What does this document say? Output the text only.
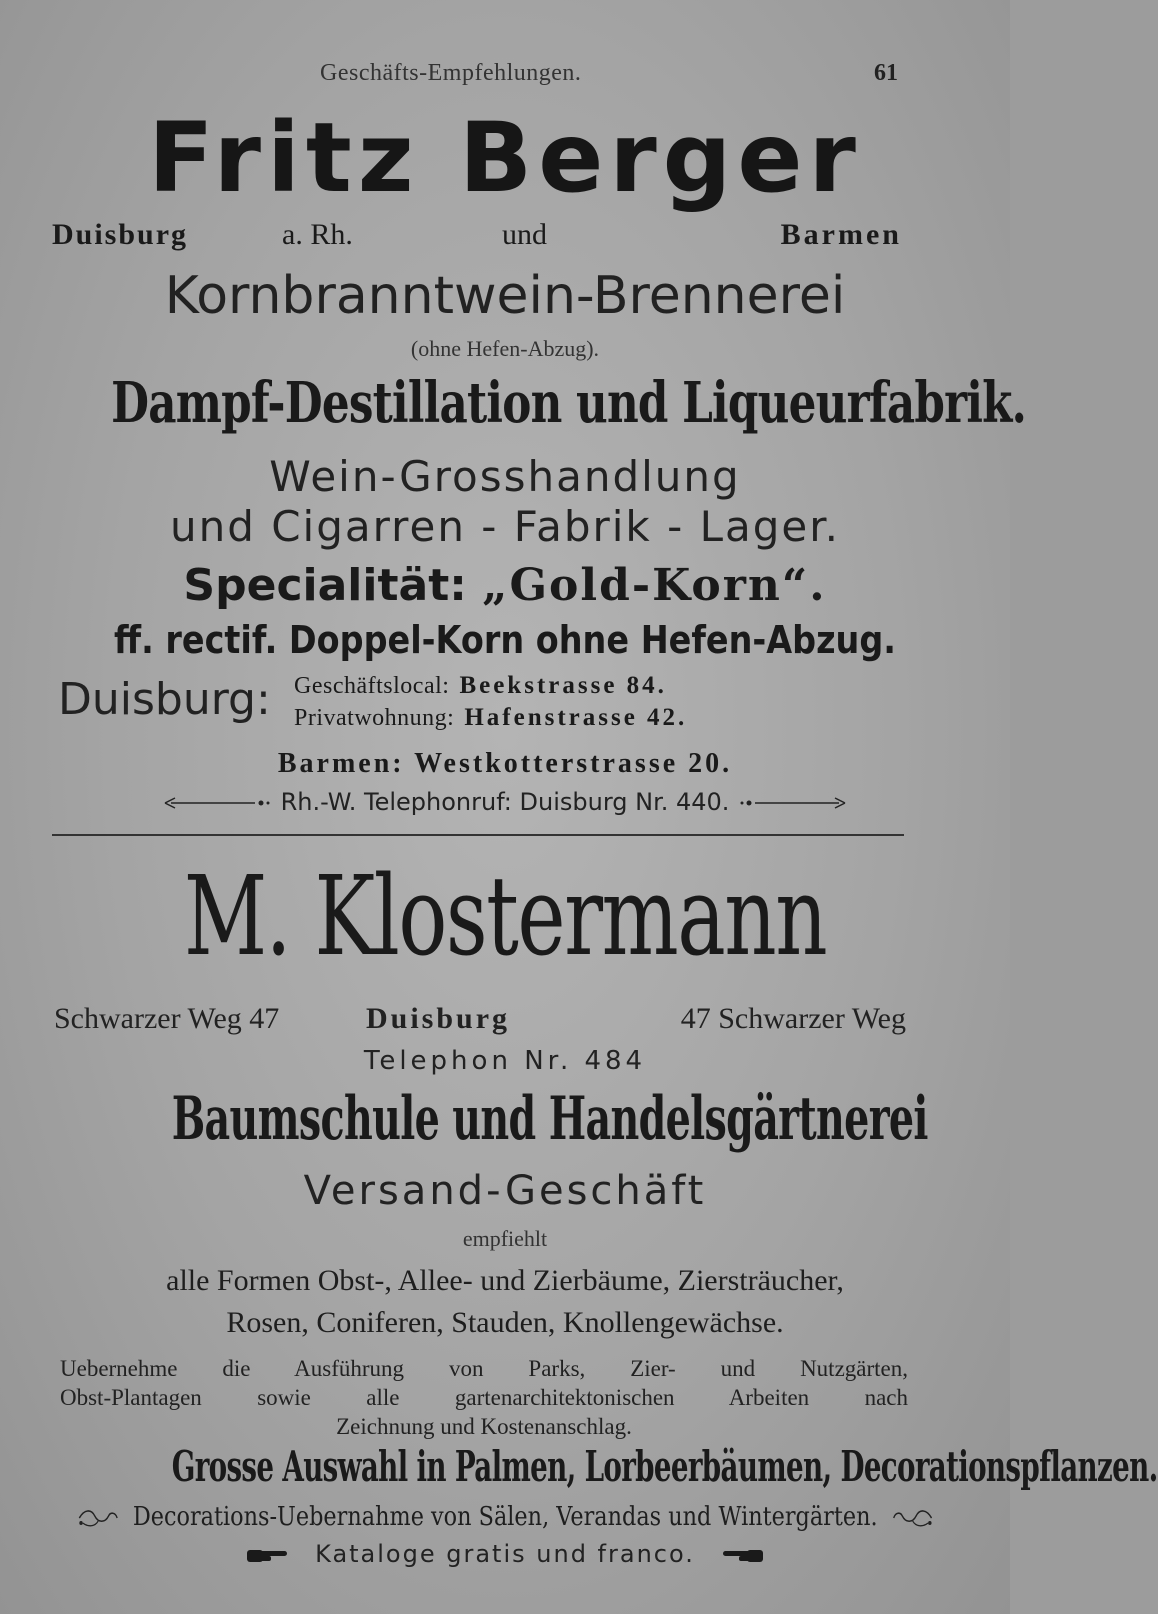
Geschäfts-Empfehlungen.	61
Fritz Berger
Duisburg	a. Rh.	und	Barmen
Kornbranntwein-Brennerei
(ohne Hefen-Abzug).
Dampf-Destillation und Liqueurfabrik.
Wein-Grosshandlung
und Cigarren - Fabrik - Lager.
Specialität: „Gold-Korn“.
ff. rectif. Doppel-Korn ohne Hefen-Abzug.
Duisburg: Geschäftslocal: Beekstrasse 84.
Privatwohnung: Hafenstrasse 42.
Barmen: Westkotterstrasse 20.
Rh.-W. Telephonruf: Duisburg Nr. 440.
M. Klostermann
Schwarzer Weg 47	Duisburg	47 Schwarzer Weg
Telephon Nr. 484
Baumschule und Handelsgärtnerei
Versand-Geschäft
empfiehlt
alle Formen Obst-, Allee- und Zierbäume, Ziersträucher,
Rosen, Coniferen, Stauden, Knollengewächse.
Uebernehme die Ausführung von Parks, Zier- und Nutzgärten,
Obst-Plantagen sowie alle gartenarchitektonischen Arbeiten nach
Zeichnung und Kostenanschlag.
Grosse Auswahl in Palmen, Lorbeerbäumen, Decorationspflanzen.
Decorations-Uebernahme von Sälen, Verandas und Wintergärten.
Kataloge gratis und franco.
